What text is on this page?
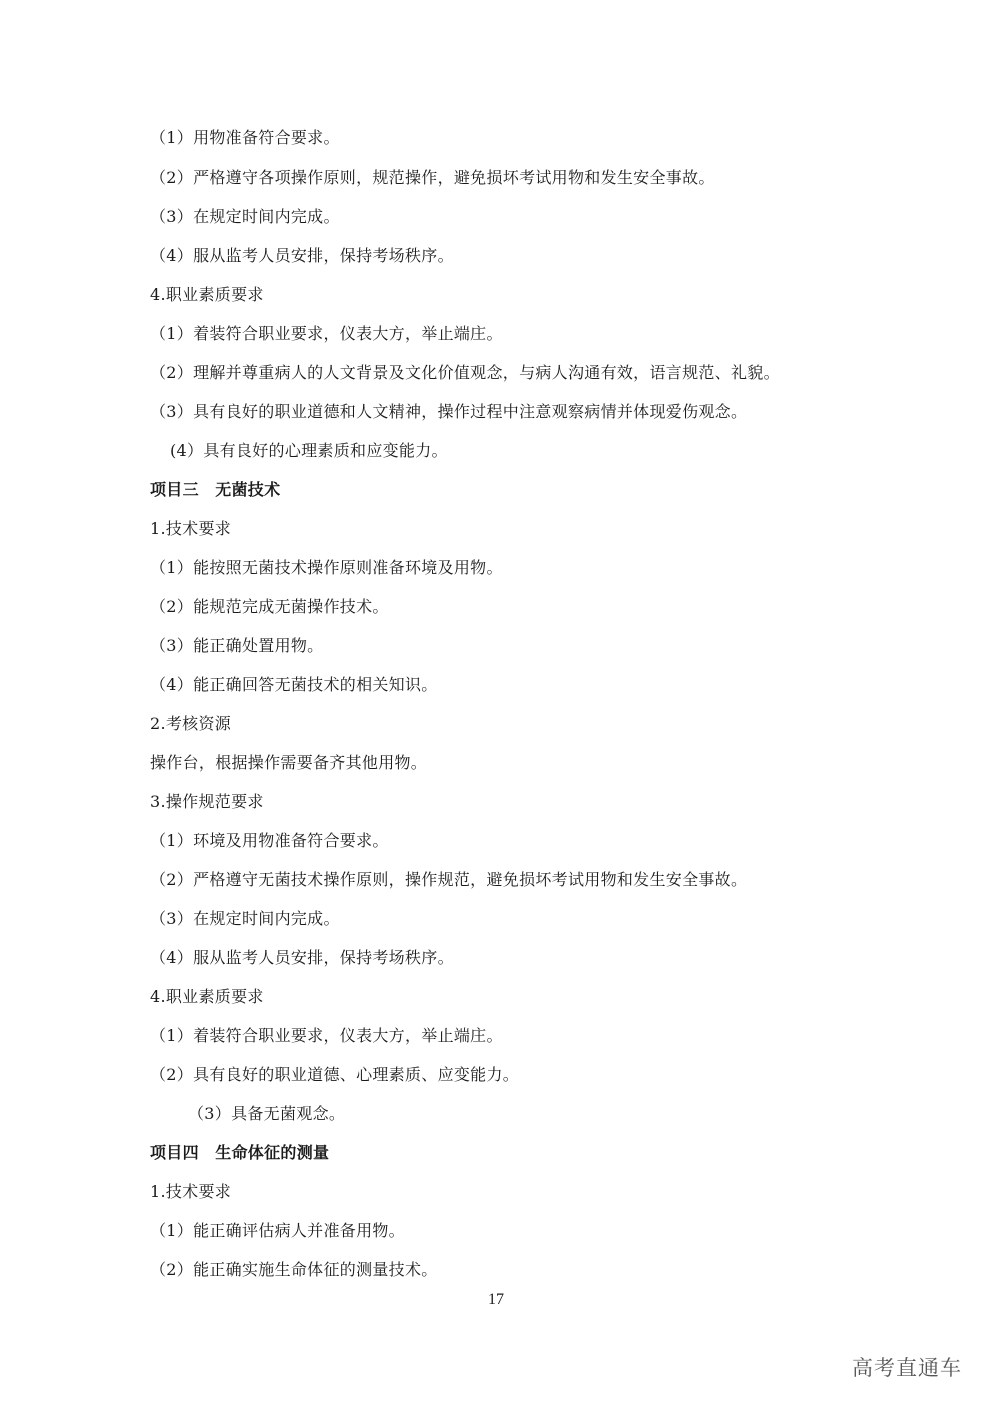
（1）用物准备符合要求。
（2）严格遵守各项操作原则，规范操作，避免损坏考试用物和发生安全事故。
（3）在规定时间内完成。
（4）服从监考人员安排，保持考场秩序。
4.职业素质要求
（1）着装符合职业要求，仪表大方，举止端庄。
（2）理解并尊重病人的人文背景及文化价值观念，与病人沟通有效，语言规范、礼貌。
（3）具有良好的职业道德和人文精神，操作过程中注意观察病情并体现爱伤观念。
(4）具有良好的心理素质和应变能力。
项目三　无菌技术
1.技术要求
（1）能按照无菌技术操作原则准备环境及用物。
（2）能规范完成无菌操作技术。
（3）能正确处置用物。
（4）能正确回答无菌技术的相关知识。
2.考核资源
操作台，根据操作需要备齐其他用物。
3.操作规范要求
（1）环境及用物准备符合要求。
（2）严格遵守无菌技术操作原则，操作规范，避免损坏考试用物和发生安全事故。
（3）在规定时间内完成。
（4）服从监考人员安排，保持考场秩序。
4.职业素质要求
（1）着装符合职业要求，仪表大方，举止端庄。
（2）具有良好的职业道德、心理素质、应变能力。
（3）具备无菌观念。
项目四　生命体征的测量
1.技术要求
（1）能正确评估病人并准备用物。
（2）能正确实施生命体征的测量技术。
17
高考直通车
